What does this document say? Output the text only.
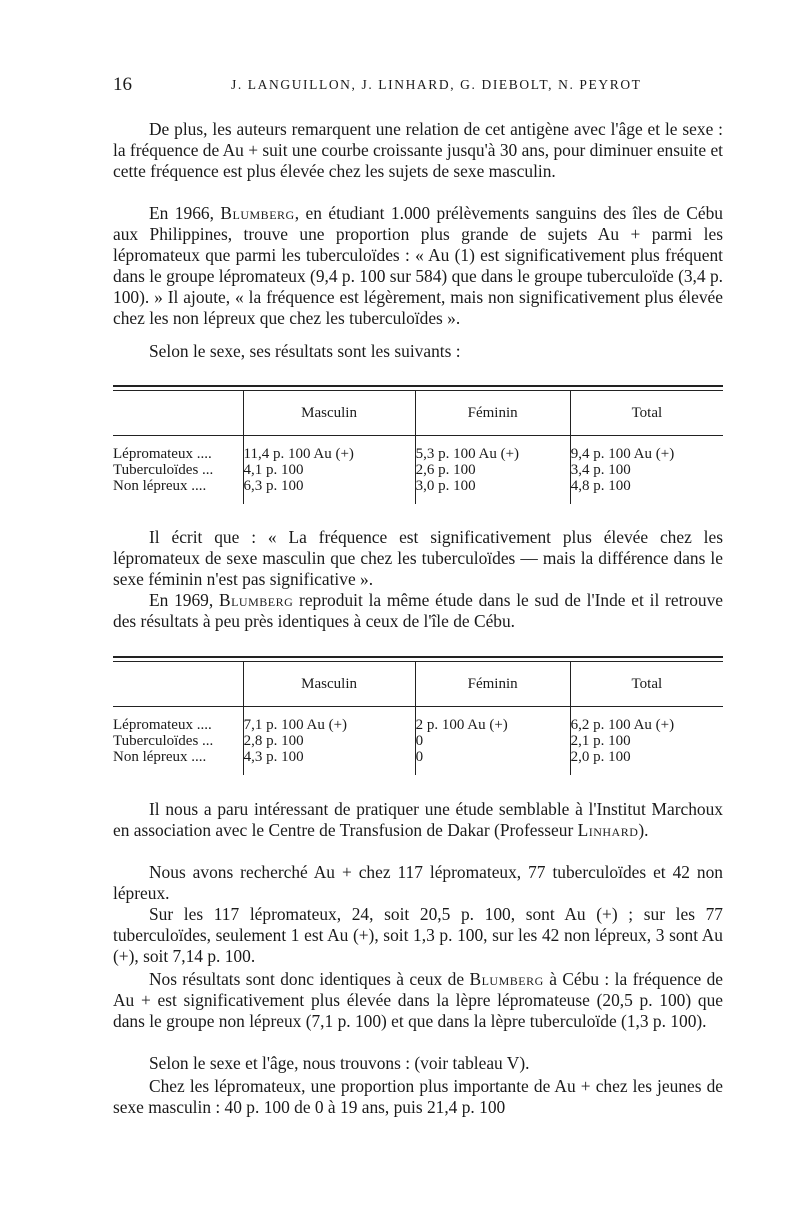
16	J. LANGUILLON, J. LINHARD, G. DIEBOLT, N. PEYROT

De plus, les auteurs remarquent une relation de cet antigène avec l'âge et le sexe : la fréquence de Au + suit une courbe croissante jusqu'à 30 ans, pour diminuer ensuite et cette fréquence est plus élevée chez les sujets de sexe masculin.

En 1966, Blumberg, en étudiant 1.000 prélèvements sanguins des îles de Cébu aux Philippines, trouve une proportion plus grande de sujets Au + parmi les lépromateux que parmi les tuberculoïdes : « Au (1) est significativement plus fréquent dans le groupe lépromateux (9,4 p. 100 sur 584) que dans le groupe tuberculoïde (3,4 p. 100). » Il ajoute, « la fréquence est légèrement, mais non significativement plus élevée chez les non lépreux que chez les tuberculoïdes ».

Selon le sexe, ses résultats sont les suivants :

	Masculin	Féminin	Total
Lépromateux ....	11,4 p. 100 Au (+)	5,3 p. 100 Au (+)	9,4 p. 100 Au (+)
Tuberculoïdes ...	4,1 p. 100	2,6 p. 100	3,4 p. 100
Non lépreux ....	6,3 p. 100	3,0 p. 100	4,8 p. 100

Il écrit que : « La fréquence est significativement plus élevée chez les lépromateux de sexe masculin que chez les tuberculoïdes — mais la différence dans le sexe féminin n'est pas significative ».

En 1969, Blumberg reproduit la même étude dans le sud de l'Inde et il retrouve des résultats à peu près identiques à ceux de l'île de Cébu.

	Masculin	Féminin	Total
Lépromateux ....	7,1 p. 100 Au (+)	2 p. 100 Au (+)	6,2 p. 100 Au (+)
Tuberculoïdes ...	2,8 p. 100	0	2,1 p. 100
Non lépreux ....	4,3 p. 100	0	2,0 p. 100

Il nous a paru intéressant de pratiquer une étude semblable à l'Institut Marchoux en association avec le Centre de Transfusion de Dakar (Professeur Linhard).

Nous avons recherché Au + chez 117 lépromateux, 77 tuberculoïdes et 42 non lépreux.

Sur les 117 lépromateux, 24, soit 20,5 p. 100, sont Au (+) ; sur les 77 tuberculoïdes, seulement 1 est Au (+), soit 1,3 p. 100, sur les 42 non lépreux, 3 sont Au (+), soit 7,14 p. 100.

Nos résultats sont donc identiques à ceux de Blumberg à Cébu : la fréquence de Au + est significativement plus élevée dans la lèpre lépromateuse (20,5 p. 100) que dans le groupe non lépreux (7,1 p. 100) et que dans la lèpre tuberculoïde (1,3 p. 100).

Selon le sexe et l'âge, nous trouvons : (voir tableau V).

Chez les lépromateux, une proportion plus importante de Au + chez les jeunes de sexe masculin : 40 p. 100 de 0 à 19 ans, puis 21,4 p. 100
